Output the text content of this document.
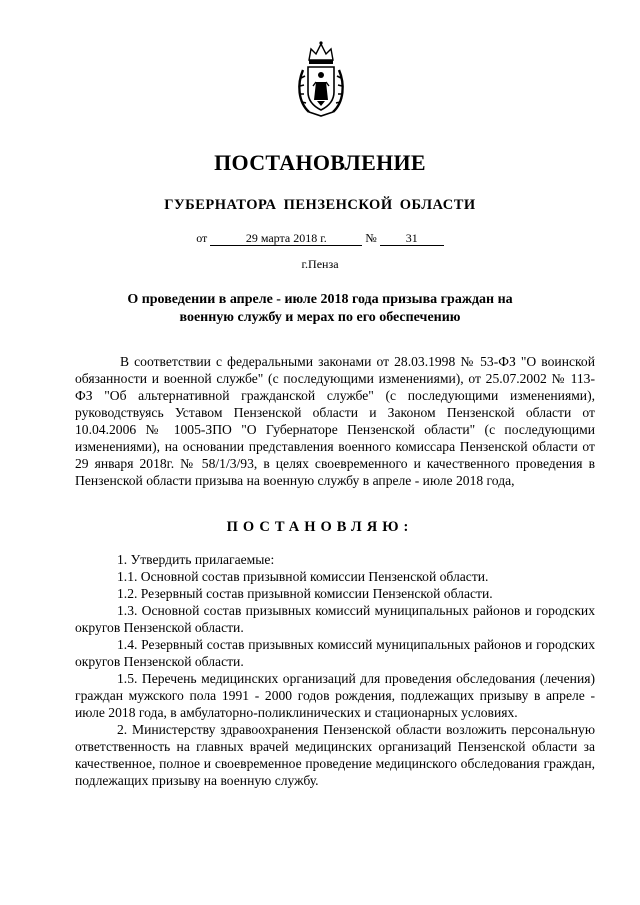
ПОСТАНОВЛЕНИЕ
ГУБЕРНАТОРА ПЕНЗЕНСКОЙ ОБЛАСТИ
от	29 марта 2018 г.	№ 31
г.Пенза
О проведении в апреле - июле 2018 года призыва граждан на военную службу и мерах по его обеспечению
В соответствии с федеральными законами от 28.03.1998 № 53-ФЗ "О воинской обязанности и военной службе" (с последующими изменениями), от 25.07.2002 № 113-ФЗ "Об альтернативной гражданской службе" (с последующими изменениями), руководствуясь Уставом Пензенской области и Законом Пензенской области от 10.04.2006 № 1005-ЗПО "О Губернаторе Пензенской области" (с последующими изменениями), на основании представления военного комиссара Пензенской области от 29 января 2018г. № 58/1/3/93, в целях своевременного и качественного проведения в Пензенской области призыва на военную службу в апреле - июле 2018 года,
ПОСТАНОВЛЯЮ:

1. Утвердить прилагаемые:

1.1. Основной состав призывной комиссии Пензенской области.

1.2. Резервный состав призывной комиссии Пензенской области.

1.3. Основной состав призывных комиссий муниципальных районов и городских округов Пензенской области.

1.4. Резервный состав призывных комиссий муниципальных районов и городских округов Пензенской области.

1.5. Перечень медицинских организаций для проведения обследования (лечения) граждан мужского пола 1991 - 2000 годов рождения, подлежащих призыву в апреле - июле 2018 года, в амбулаторно-поликлинических и стационарных условиях.

2. Министерству здравоохранения Пензенской области возложить персональную ответственность на главных врачей медицинских организаций Пензенской области за качественное, полное и своевременное проведение медицинского обследования граждан, подлежащих призыву на военную службу.
